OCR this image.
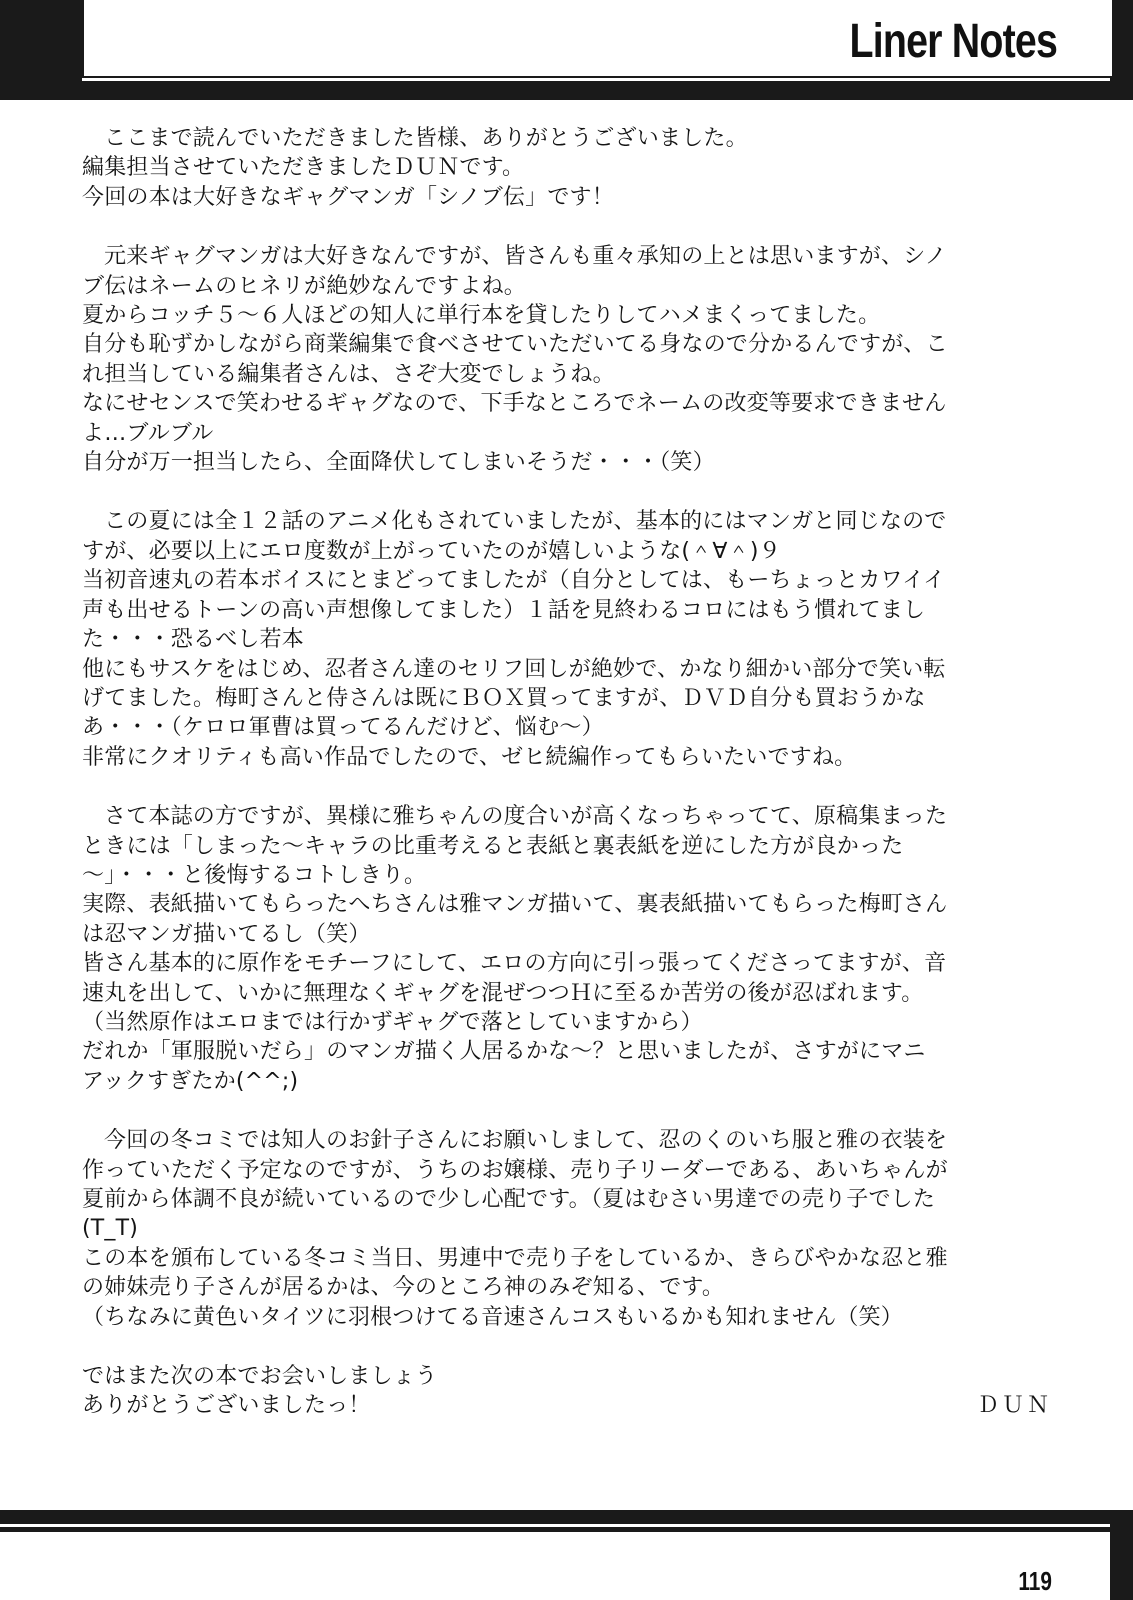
Liner Notes

ここまで読んでいただきました皆様、ありがとうございました。

編集担当させていただきましたＤＵＮです。

今回の本は大好きなギャグマンガ「シノブ伝」です！

元来ギャグマンガは大好きなんですが、皆さんも重々承知の上とは思いますが、シノ

ブ伝はネームのヒネリが絶妙なんですよね。

夏からコッチ５～６人ほどの知人に単行本を貸したりしてハメまくってました。

自分も恥ずかしながら商業編集で食べさせていただいてる身なので分かるんですが、こ

れ担当している編集者さんは、さぞ大変でしょうね。

なにせセンスで笑わせるギャグなので、下手なところでネームの改変等要求できません

よ…ブルブル

自分が万一担当したら、全面降伏してしまいそうだ・・・（笑）

この夏には全１２話のアニメ化もされていましたが、基本的にはマンガと同じなので

すが、必要以上にエロ度数が上がっていたのが嬉しいような(＾∀＾)９

当初音速丸の若本ボイスにとまどってましたが（自分としては、もーちょっとカワイイ

声も出せるトーンの高い声想像してました）１話を見終わるコロにはもう慣れてまし

た・・・恐るべし若本

他にもサスケをはじめ、忍者さん達のセリフ回しが絶妙で、かなり細かい部分で笑い転

げてました。梅町さんと侍さんは既にＢＯＸ買ってますが、ＤＶＤ自分も買おうかな

あ・・・（ケロロ軍曹は買ってるんだけど、悩む～）

非常にクオリティも高い作品でしたので、ゼヒ続編作ってもらいたいですね。

さて本誌の方ですが、異様に雅ちゃんの度合いが高くなっちゃってて、原稿集まった

ときには「しまった～キャラの比重考えると表紙と裏表紙を逆にした方が良かった

～」・・・と後悔するコトしきり。

実際、表紙描いてもらったへちさんは雅マンガ描いて、裏表紙描いてもらった梅町さん

は忍マンガ描いてるし（笑）

皆さん基本的に原作をモチーフにして、エロの方向に引っ張ってくださってますが、音

速丸を出して、いかに無理なくギャグを混ぜつつＨに至るか苦労の後が忍ばれます。

（当然原作はエロまでは行かずギャグで落としていますから）

だれか「軍服脱いだら」のマンガ描く人居るかな～？と思いましたが、さすがにマニ

アックすぎたか(^^;)

今回の冬コミでは知人のお針子さんにお願いしまして、忍のくのいち服と雅の衣装を

作っていただく予定なのですが、うちのお嬢様、売り子リーダーである、あいちゃんが

夏前から体調不良が続いているので少し心配です。（夏はむさい男達での売り子でした

(T_T)

この本を頒布している冬コミ当日、男連中で売り子をしているか、きらびやかな忍と雅

の姉妹売り子さんが居るかは、今のところ神のみぞ知る、です。

（ちなみに黄色いタイツに羽根つけてる音速さんコスもいるかも知れません（笑）

ではまた次の本でお会いしましょう

ありがとうございましたっ！	ＤＵＮ
119
